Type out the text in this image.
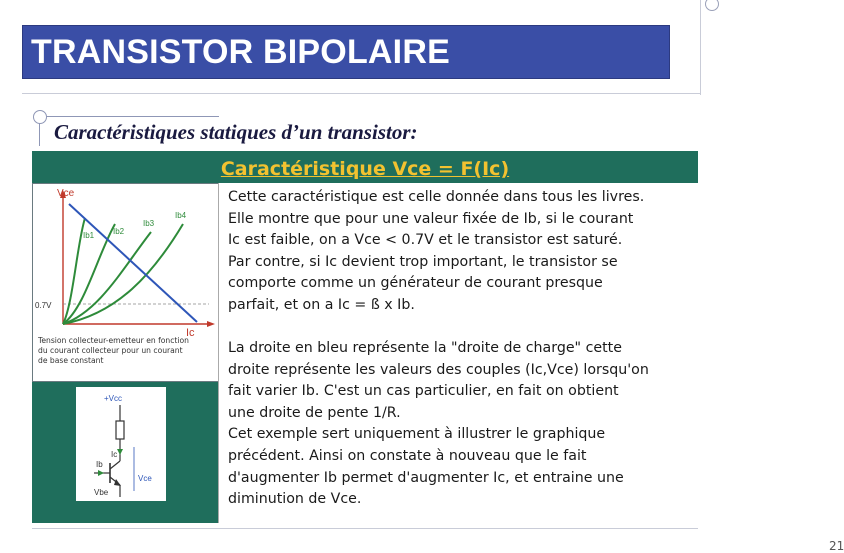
TRANSISTOR BIPOLAIRE
Caractéristiques statiques d’un transistor:
Caractéristique Vce = F(Ic)
Vce
Ic
0.7V
Ib1 Ib2
Ib3
Ib4
Tension collecteur-emetteur en fonction
du courant collecteur pour un courant
de base constant
+Vcc
Ic
Ib
Vce
Vbe
Cette caractéristique est celle donnée dans tous les livres.
Elle montre que pour une valeur fixée de Ib, si le courant
Ic est faible, on a Vce < 0.7V et le transistor est saturé.
Par contre, si Ic devient trop important, le transistor se
comporte comme un générateur de courant presque
parfait, et on a Ic = ß x Ib.
La droite en bleu représente la "droite de charge" cette
droite représente les valeurs des couples (Ic,Vce) lorsqu'on
fait varier Ib. C'est un cas particulier, en fait on obtient
une droite de pente 1/R.
Cet exemple sert uniquement à illustrer le graphique
précédent. Ainsi on constate à nouveau que le fait
d'augmenter Ib permet d'augmenter Ic, et entraine une
diminution de Vce.
21
